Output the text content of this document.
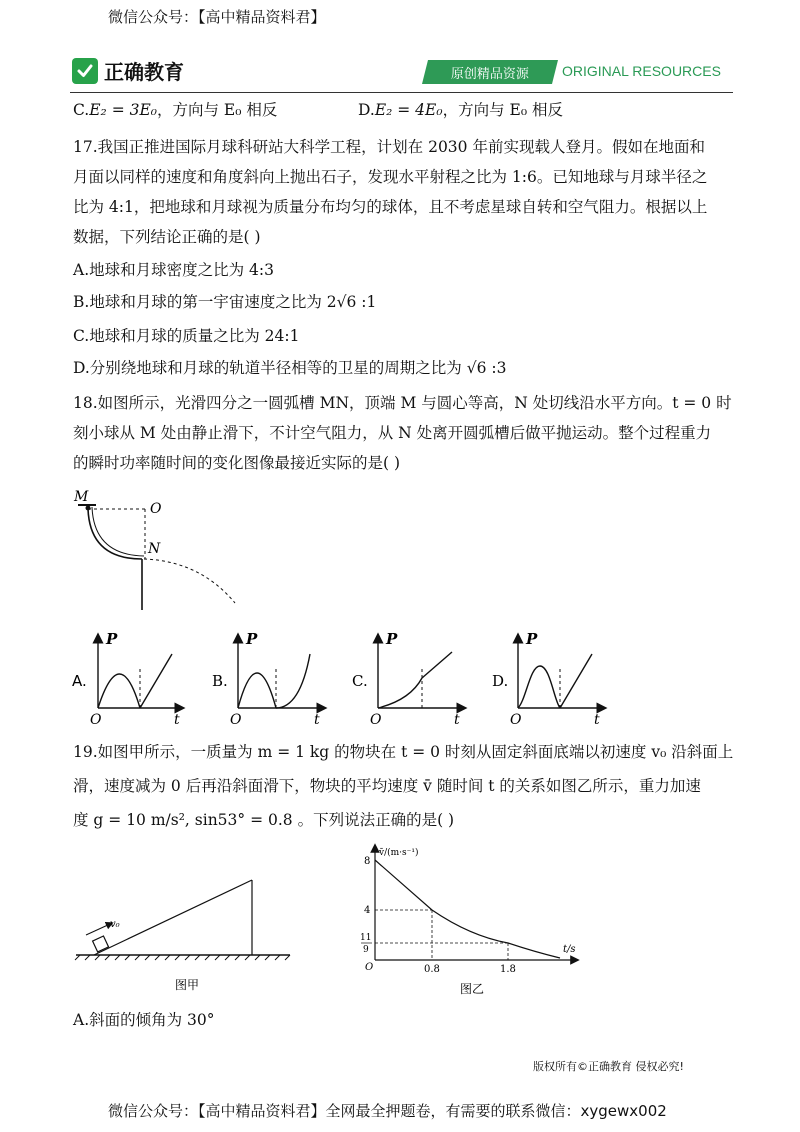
微信公众号：【高中精品资料君】
正确教育	原创精品资源 ORIGINAL RESOURCES
C.E₂ = 3E₀，方向与 E₀ 相反	D.E₂ = 4E₀，方向与 E₀ 相反
17.我国正推进国际月球科研站大科学工程，计划在 2030 年前实现载人登月。假如在地面和
月面以同样的速度和角度斜向上抛出石子，发现水平射程之比为 1:6。已知地球与月球半径之
比为 4:1，把地球和月球视为质量分布均匀的球体，且不考虑星球自转和空气阻力。根据以上
数据，下列结论正确的是( )
A.地球和月球密度之比为 4:3
B.地球和月球的第一宇宙速度之比为 2√6 :1
C.地球和月球的质量之比为 24:1
D.分别绕地球和月球的轨道半径相等的卫星的周期之比为 √6 :3
18.如图所示，光滑四分之一圆弧槽 MN，顶端 M 与圆心等高，N 处切线沿水平方向。t = 0 时
刻小球从 M 处由静止滑下，不计空气阻力，从 N 处离开圆弧槽后做平抛运动。整个过程重力
的瞬时功率随时间的变化图像最接近实际的是( )
M
O
N
A.
P
O	t
B.
P
O	t
C.
P
O	t
D.
P
O	t
19.如图甲所示，一质量为 m = 1 kg 的物块在 t = 0 时刻从固定斜面底端以初速度 v₀ 沿斜面上
滑，速度减为 0 后再沿斜面滑下，物块的平均速度 v̄ 随时间 t 的关系如图乙所示，重力加速
度 g = 10 m/s², sin53° = 0.8 。下列说法正确的是( )
v₀
图甲
v̄/(m·s⁻¹)
t/s
8
4
11
9
O	0.8	1.8
图乙
A.斜面的倾角为 30°
版权所有©正确教育 侵权必究!
微信公众号：【高中精品资料君】全网最全押题卷，有需要的联系微信：xygewx002
